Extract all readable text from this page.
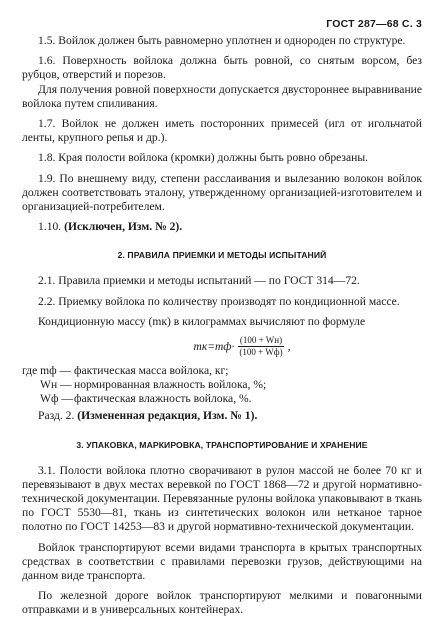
ГОСТ 287—68 С. 3

1.5. Войлок должен быть равномерно уплотнен и однороден по структуре.

1.6. Поверхность войлока должна быть ровной, со снятым ворсом, без рубцов, отверстий и порезов.

Для получения ровной поверхности допускается двустороннее выравнивание войлока путем спиливания.

1.7. Войлок не должен иметь посторонних примесей (игл от игольчатой ленты, крупного репья и др.).

1.8. Края полости войлока (кромки) должны быть ровно обрезаны.

1.9. По внешнему виду, степени расслаивания и вылезанию волокон войлок должен соответствовать эталону, утвержденному организацией-изготовителем и организацией-потребителем.

1.10. (Исключен, Изм. № 2).

2. ПРАВИЛА ПРИЕМКИ И МЕТОДЫ ИСПЫТАНИЙ

2.1. Правила приемки и методы испытаний — по ГОСТ 314—72.

2.2. Приемку войлока по количеству производят по кондиционной массе.

Кондиционную массу (mк) в килограммах вычисляют по формуле

$mк=mф\cdot \frac{(100 + Wн)}{(100 + Wф)}$ ,
где mф — фактическая масса войлока, кг;
Wн — нормированная влажность войлока, %;
Wф — фактическая влажность войлока, %.

Разд. 2. (Измененная редакция, Изм. № 1).

3. УПАКОВКА, МАРКИРОВКА, ТРАНСПОРТИРОВАНИЕ И ХРАНЕНИЕ

3.1. Полости войлока плотно сворачивают в рулон массой не более 70 кг и перевязывают в двух местах веревкой по ГОСТ 1868—72 и другой нормативно-технической документации. Перевязанные рулоны войлока упаковывают в ткань по ГОСТ 5530—81, ткань из синтетических волокон или нетканое тарное полотно по ГОСТ 14253—83 и другой нормативно-технической документации.

Войлок транспортируют всеми видами транспорта в крытых транспортных средствах в соответствии с правилами перевозки грузов, действующими на данном виде транспорта.

По железной дороге войлок транспортируют мелкими и повагонными отправками и в универсальных контейнерах.
